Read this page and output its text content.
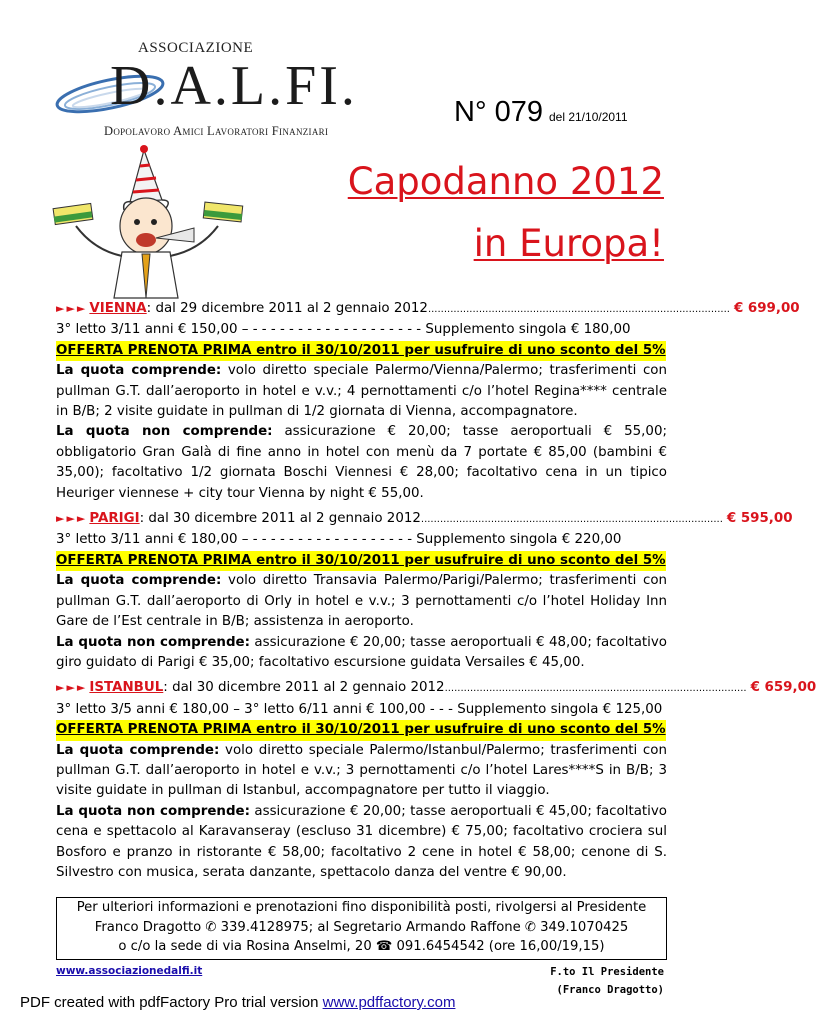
ASSOCIAZIONE
D.A.L.FI.
Dopolavoro Amici Lavoratori Finanziari
N° 079 del 21/10/2011
Capodanno 2012
in Europa!
►►► VIENNA : dal 29 dicembre 2011 al 2 gennaio 2012 ............................................................................................... € 699,00
3° letto 3/11 anni € 150,00 – - - - - - - - - - - - - - - - - - - - Supplemento singola € 180,00
OFFERTA PRENOTA PRIMA entro il 30/10/2011 per usufruire di uno sconto del 5%
La quota comprende: volo diretto speciale Palermo/Vienna/Palermo; trasferimenti con pullman G.T. dall’aeroporto in hotel e v.v.; 4 pernottamenti c/o l’hotel Regina**** centrale in B/B; 2 visite guidate in pullman di 1/2 giornata di Vienna, accompagnatore.
La quota non comprende: assicurazione € 20,00; tasse aeroportuali € 55,00; obbligatorio Gran Galà di fine anno in hotel con menù da 7 portate € 85,00 (bambini € 35,00); facoltativo 1/2 giornata Boschi Viennesi € 28,00; facoltativo cena in un tipico Heuriger viennese + city tour Vienna by night € 55,00.
►►► PARIGI : dal 30 dicembre 2011 al 2 gennaio 2012 ............................................................................................... € 595,00
3° letto 3/11 anni € 180,00 – - - - - - - - - - - - - - - - - - - Supplemento singola € 220,00
OFFERTA PRENOTA PRIMA entro il 30/10/2011 per usufruire di uno sconto del 5%
La quota comprende: volo diretto Transavia Palermo/Parigi/Palermo; trasferimenti con pullman G.T. dall’aeroporto di Orly in hotel e v.v.; 3 pernottamenti c/o l’hotel Holiday Inn Gare de l’Est centrale in B/B; assistenza in aeroporto.
La quota non comprende: assicurazione € 20,00; tasse aeroportuali € 48,00; facoltativo giro guidato di Parigi € 35,00; facoltativo escursione guidata Versailes € 45,00.
►►► ISTANBUL : dal 30 dicembre 2011 al 2 gennaio 2012 ............................................................................................... € 659,00
3° letto 3/5 anni € 180,00 – 3° letto 6/11 anni € 100,00 - - - Supplemento singola € 125,00
OFFERTA PRENOTA PRIMA entro il 30/10/2011 per usufruire di uno sconto del 5%
La quota comprende: volo diretto speciale Palermo/Istanbul/Palermo; trasferimenti con pullman G.T. dall’aeroporto in hotel e v.v.; 3 pernottamenti c/o l’hotel Lares****S in B/B; 3 visite guidate in pullman di Istanbul, accompagnatore per tutto il viaggio.
La quota non comprende: assicurazione € 20,00; tasse aeroportuali € 45,00; facoltativo cena e spettacolo al Karavanseray (escluso 31 dicembre) € 75,00; facoltativo crociera sul Bosforo e pranzo in ristorante € 58,00; facoltativo 2 cene in hotel € 58,00; cenone di S. Silvestro con musica, serata danzante, spettacolo danza del ventre € 90,00.
Per ulteriori informazioni e prenotazioni fino disponibilità posti, rivolgersi al Presidente
Franco Dragotto ✆ 339.4128975; al Segretario Armando Raffone ✆ 349.1070425
o c/o la sede di via Rosina Anselmi, 20 ☎ 091.6454542 (ore 16,00/19,15)
www.associazionedalfi.it	F.to Il Presidente
(Franco Dragotto)
PDF created with pdfFactory Pro trial version www.pdffactory.com
